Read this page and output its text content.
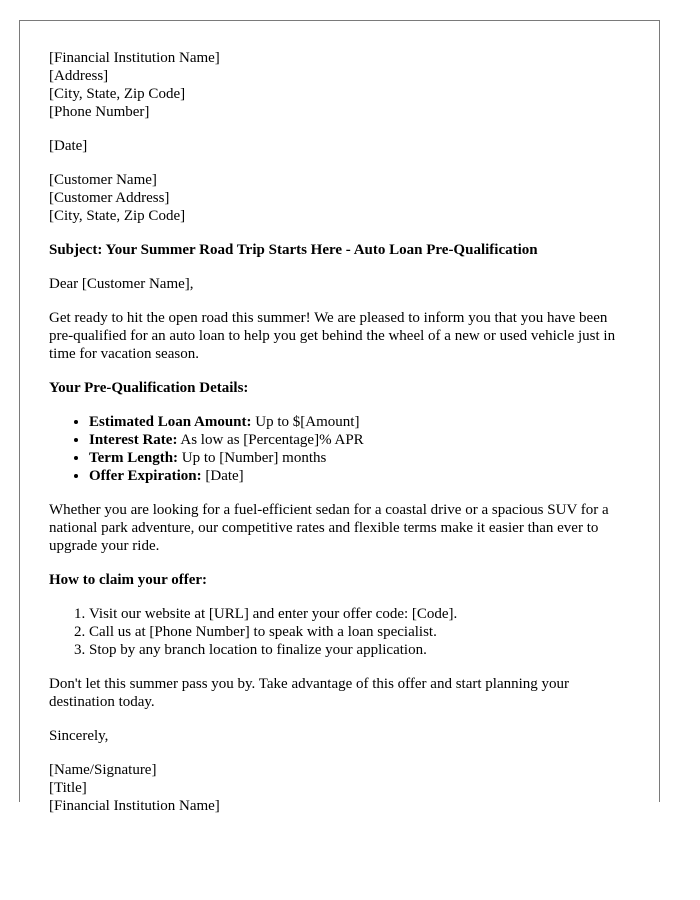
[Financial Institution Name]
[Address]
[City, State, Zip Code]
[Phone Number]
[Date]
[Customer Name]
[Customer Address]
[City, State, Zip Code]

Subject: Your Summer Road Trip Starts Here - Auto Loan Pre-Qualification

Dear [Customer Name],

Get ready to hit the open road this summer! We are pleased to inform you that you have been pre-qualified for an auto loan to help you get behind the wheel of a new or used vehicle just in time for vacation season.

Your Pre-Qualification Details:

• Estimated Loan Amount: Up to $[Amount]
• Interest Rate: As low as [Percentage]% APR
• Term Length: Up to [Number] months
• Offer Expiration: [Date]

Whether you are looking for a fuel-efficient sedan for a coastal drive or a spacious SUV for a national park adventure, our competitive rates and flexible terms make it easier than ever to upgrade your ride.

How to claim your offer:

1. Visit our website at [URL] and enter your offer code: [Code].
2. Call us at [Phone Number] to speak with a loan specialist.
3. Stop by any branch location to finalize your application.

Don't let this summer pass you by. Take advantage of this offer and start planning your destination today.

Sincerely,

[Name/Signature]
[Title]
[Financial Institution Name]
